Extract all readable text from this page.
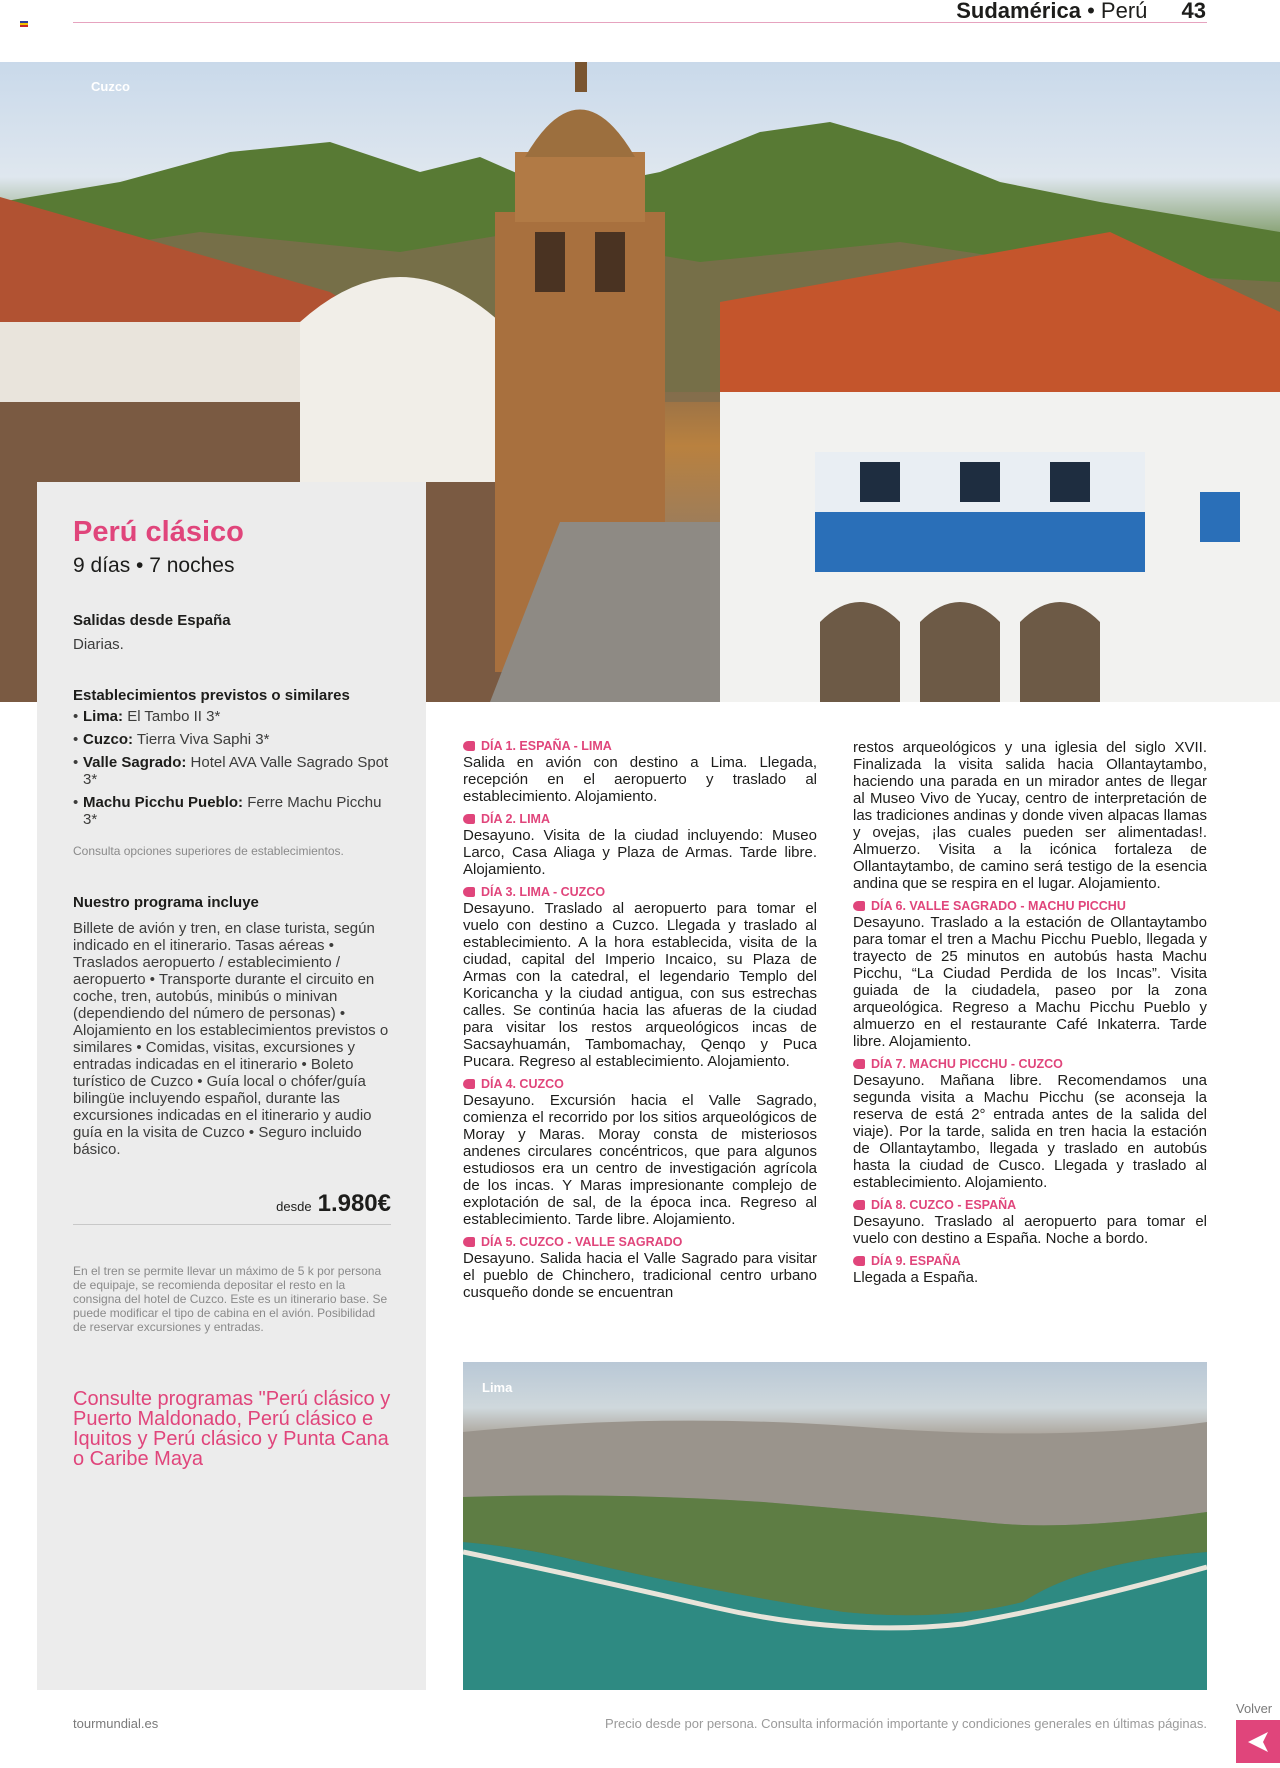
Sudamérica • Perú 43
Cuzco
Perú clásico
9 días • 7 noches
Salidas desde España
Diarias.
Establecimientos previstos o similares
• Lima: El Tambo II 3*
• Cuzco: Tierra Viva Saphi 3*
• Valle Sagrado: Hotel AVA Valle Sagrado Spot 3*
• Machu Picchu Pueblo: Ferre Machu Picchu 3*
Consulta opciones superiores de establecimientos.
Nuestro programa incluye
Billete de avión y tren, en clase turista, según indicado en el itinerario. Tasas aéreas • Traslados aeropuerto / establecimiento / aeropuerto • Transporte durante el circuito en coche, tren, autobús, minibús o minivan (dependiendo del número de personas) • Alojamiento en los establecimientos previstos o similares • Comidas, visitas, excursiones y entradas indicadas en el itinerario • Boleto turístico de Cuzco • Guía local o chófer/guía bilingüe incluyendo español, durante las excursiones indicadas en el itinerario y audio guía en la visita de Cuzco • Seguro incluido básico.
desde 1.980€
En el tren se permite llevar un máximo de 5 k por persona de equipaje, se recomienda depositar el resto en la consigna del hotel de Cuzco. Este es un itinerario base. Se puede modificar el tipo de cabina en el avión. Posibilidad de reservar excursiones y entradas.
Consulte programas "Perú clásico y Puerto Maldonado, Perú clásico e Iquitos y Perú clásico y Punta Cana o Caribe Maya
DÍA 1. ESPAÑA - LIMA
Salida en avión con destino a Lima. Llegada, recepción en el aeropuerto y traslado al establecimiento. Alojamiento.
DÍA 2. LIMA
Desayuno. Visita de la ciudad incluyendo: Museo Larco, Casa Aliaga y Plaza de Armas. Tarde libre. Alojamiento.
DÍA 3. LIMA - CUZCO
Desayuno. Traslado al aeropuerto para tomar el vuelo con destino a Cuzco. Llegada y traslado al establecimiento. A la hora establecida, visita de la ciudad, capital del Imperio Incaico, su Plaza de Armas con la catedral, el legendario Templo del Koricancha y la ciudad antigua, con sus estrechas calles. Se continúa hacia las afueras de la ciudad para visitar los restos arqueológicos incas de Sacsayhuamán, Tambomachay, Qenqo y Puca Pucara. Regreso al establecimiento. Alojamiento.
DÍA 4. CUZCO
Desayuno. Excursión hacia el Valle Sagrado, comienza el recorrido por los sitios arqueológicos de Moray y Maras. Moray consta de misteriosos andenes circulares concéntricos, que para algunos estudiosos era un centro de investigación agrícola de los incas. Y Maras impresionante complejo de explotación de sal, de la época inca. Regreso al establecimiento. Tarde libre. Alojamiento.
DÍA 5. CUZCO - VALLE SAGRADO
Desayuno. Salida hacia el Valle Sagrado para visitar el pueblo de Chinchero, tradicional centro urbano cusqueño donde se encuentran
restos arqueológicos y una iglesia del siglo XVII. Finalizada la visita salida hacia Ollantaytambo, haciendo una parada en un mirador antes de llegar al Museo Vivo de Yucay, centro de interpretación de las tradiciones andinas y donde viven alpacas llamas y ovejas, ¡las cuales pueden ser alimentadas!. Almuerzo. Visita a la icónica fortaleza de Ollantaytambo, de camino será testigo de la esencia andina que se respira en el lugar. Alojamiento.
DÍA 6. VALLE SAGRADO - MACHU PICCHU
Desayuno. Traslado a la estación de Ollantaytambo para tomar el tren a Machu Picchu Pueblo, llegada y trayecto de 25 minutos en autobús hasta Machu Picchu, “La Ciudad Perdida de los Incas”. Visita guiada de la ciudadela, paseo por la zona arqueológica. Regreso a Machu Picchu Pueblo y almuerzo en el restaurante Café Inkaterra. Tarde libre. Alojamiento.
DÍA 7. MACHU PICCHU - CUZCO
Desayuno. Mañana libre. Recomendamos una segunda visita a Machu Picchu (se aconseja la reserva de está 2° entrada antes de la salida del viaje). Por la tarde, salida en tren hacia la estación de Ollantaytambo, llegada y traslado en autobús hasta la ciudad de Cusco. Llegada y traslado al establecimiento. Alojamiento.
DÍA 8. CUZCO - ESPAÑA
Desayuno. Traslado al aeropuerto para tomar el vuelo con destino a España. Noche a bordo.
DÍA 9. ESPAÑA
Llegada a España.
Lima
tourmundial.es	Precio desde por persona. Consulta información importante y condiciones generales en últimas páginas.
Volver
